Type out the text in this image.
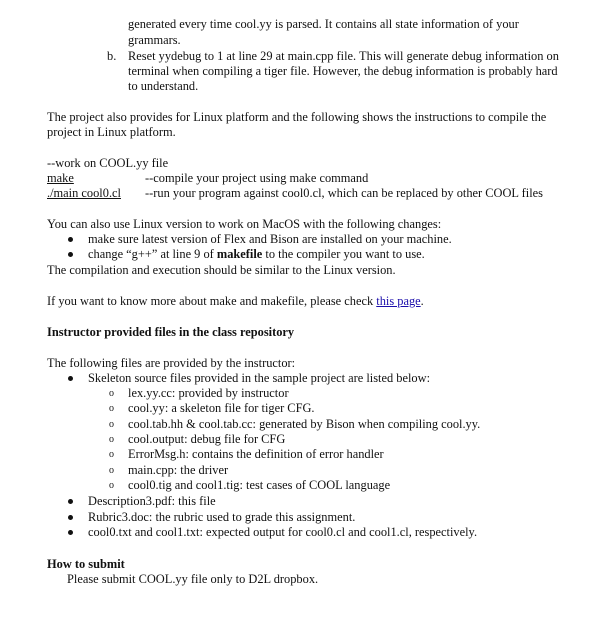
generated every time cool.yy is parsed. It contains all state information of your
grammars.
b. Reset yydebug to 1 at line 29 at main.cpp file. This will generate debug information on
terminal when compiling a tiger file. However, the debug information is probably hard
to understand.
The project also provides for Linux platform and the following shows the instructions to compile the
project in Linux platform.
--work on COOL.yy file
make	--compile your project using make command
./main cool0.cl --run your program against cool0.cl, which can be replaced by other COOL files
You can also use Linux version to work on MacOS with the following changes:
make sure latest version of Flex and Bison are installed on your machine.
change “g++” at line 9 of makefile to the compiler you want to use.
The compilation and execution should be similar to the Linux version.
If you want to know more about make and makefile, please check this page.
Instructor provided files in the class repository
The following files are provided by the instructor:
Skeleton source files provided in the sample project are listed below:
o lex.yy.cc: provided by instructor
o cool.yy: a skeleton file for tiger CFG.
o cool.tab.hh & cool.tab.cc: generated by Bison when compiling cool.yy.
o cool.output: debug file for CFG
o ErrorMsg.h: contains the definition of error handler
o main.cpp: the driver
o cool0.tig and cool1.tig: test cases of COOL language
Description3.pdf: this file
Rubric3.doc: the rubric used to grade this assignment.
cool0.txt and cool1.txt: expected output for cool0.cl and cool1.cl, respectively.
How to submit
Please submit COOL.yy file only to D2L dropbox.
